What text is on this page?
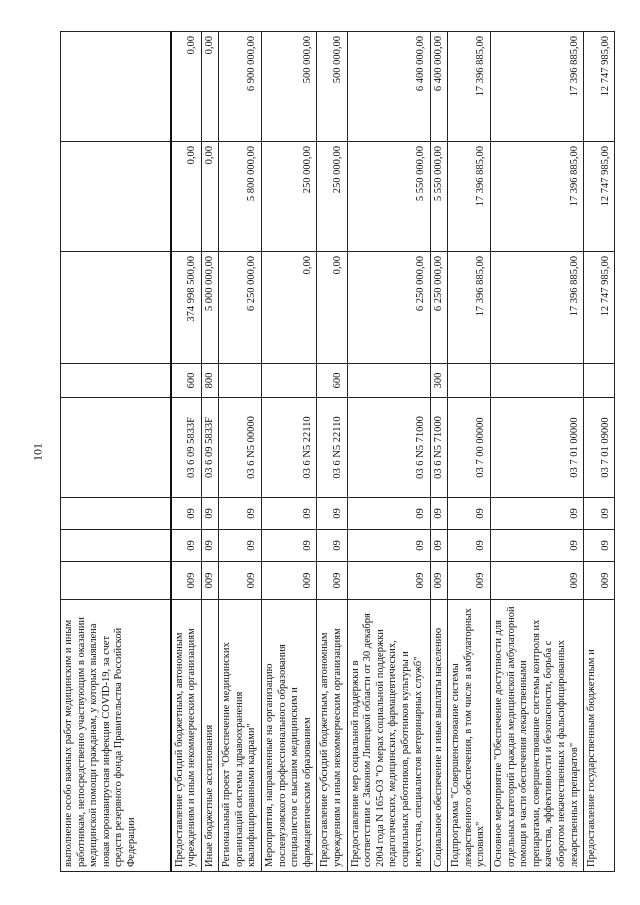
101
выполнение особо важных работ медицинским и иным работникам, непосредственно участвующим в оказании медицинской помощи гражданам, у которых выявлена новая коронавирусная инфекция COVID-19, за счет средств резервного фонда Правительства Российской Федерации								
Предоставление субсидий бюджетным, автономным учреждениям и иным некоммерческим организациям	009	09	09	03 6 09 5833F	600	374 998 500,00	0,00	0,00
Иные бюджетные ассигнования	009	09	09	03 6 09 5833F	800	5 000 000,00	0,00	0,00
Региональный проект "Обеспечение медицинских организаций системы здравоохранения квалифицированными кадрами"	009	09	09	03 6 N5 00000		6 250 000,00	5 800 000,00	6 900 000,00
Мероприятия, направленные на организацию послевузовского профессионального образования специалистов с высшим медицинским и фармацевтическим образованием	009	09	09	03 6 N5 22110		0,00	250 000,00	500 000,00
Предоставление субсидий бюджетным, автономным учреждениям и иным некоммерческим организациям	009	09	09	03 6 N5 22110	600	0,00	250 000,00	500 000,00
Предоставление мер социальной поддержки в соответствии с Законом Липецкой области от 30 декабря 2004 года N 165-ОЗ "О мерах социальной поддержки педагогических, медицинских, фармацевтических, социальных работников, работников культуры и искусства, специалистов ветеринарных служб"	009	09	09	03 6 N5 71000		6 250 000,00	5 550 000,00	6 400 000,00
Социальное обеспечение и иные выплаты населению	009	09	09	03 6 N5 71000	300	6 250 000,00	5 550 000,00	6 400 000,00
Подпрограмма "Совершенствование системы лекарственного обеспечения, в том числе в амбулаторных условиях"	009	09	09	03 7 00 00000		17 396 885,00	17 396 885,00	17 396 885,00
Основное мероприятие "Обеспечение доступности для отдельных категорий граждан медицинской амбулаторной помощи в части обеспечения лекарственными препаратами, совершенствование системы контроля их качества, эффективности и безопасности, борьба с оборотом некачественных и фальсифицированных лекарственных препаратов"	009	09	09	03 7 01 00000		17 396 885,00	17 396 885,00	17 396 885,00
Предоставление государственным бюджетным и	009	09	09	03 7 01 09000		12 747 985,00	12 747 985,00	12 747 985,00
